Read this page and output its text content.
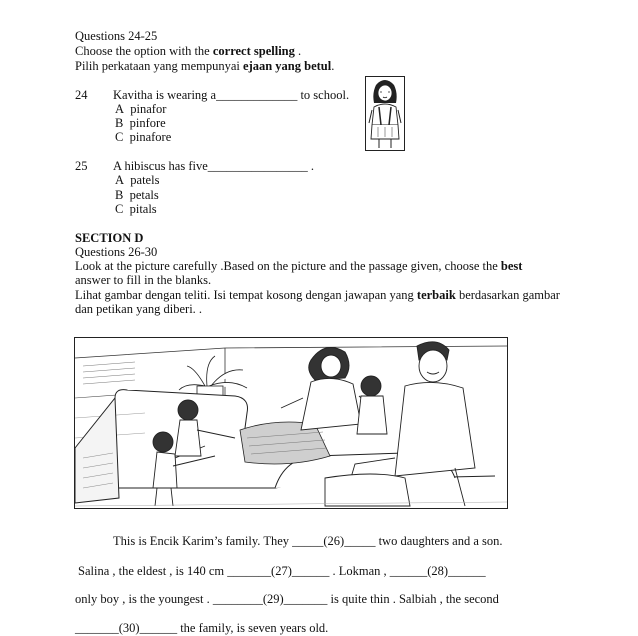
Questions 24-25
Choose the option with the correct spelling .
Pilih perkataan yang mempunyai ejaan yang betul.
24 Kavitha is wearing a_____________ to school.
A pinafor
B pinfore
C pinafore
25 A hibiscus has five________________ .
A patels
B petals
C pitals
SECTION D
Questions 26-30
Look at the picture carefully .Based on the picture and the passage given, choose the best
answer to fill in the blanks.
Lihat gambar dengan teliti. Isi tempat kosong dengan jawapan yang terbaik berdasarkan gambar
dan petikan yang diberi. .
This is Encik Karim’s family. They _____(26)_____ two daughters and a son.
Salina , the eldest , is 140 cm _______(27)______ . Lokman , ______(28)______
only boy , is the youngest . ________(29)_______ is quite thin . Salbiah , the second
_______(30)______ the family, is seven years old.
